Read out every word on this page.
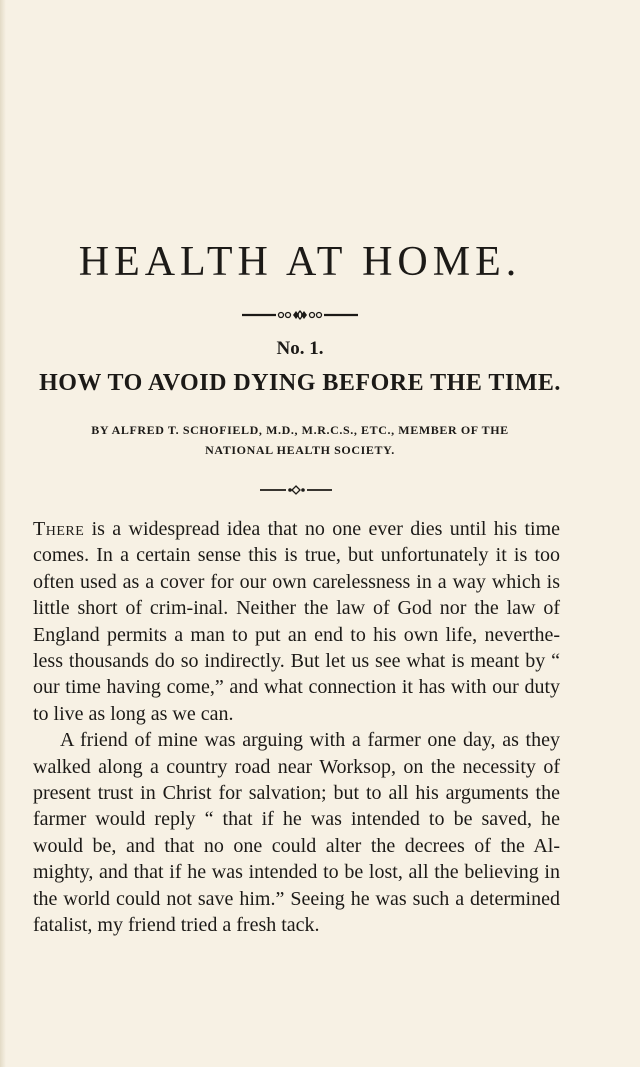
HEALTH AT HOME.
No. 1.
HOW TO AVOID DYING BEFORE THE TIME.
BY ALFRED T. SCHOFIELD, M.D., M.R.C.S., ETC., MEMBER OF THE
NATIONAL HEALTH SOCIETY.

There is a widespread idea that no one ever dies until his time comes. In a certain sense this is true, but unfortunately it is too often used as a cover for our own carelessness in a way which is little short of crim-inal. Neither the law of God nor the law of England permits a man to put an end to his own life, neverthe-less thousands do so indirectly. But let us see what is meant by “ our time having come,” and what connection it has with our duty to live as long as we can.

A friend of mine was arguing with a farmer one day, as they walked along a country road near Worksop, on the necessity of present trust in Christ for salvation; but to all his arguments the farmer would reply “ that if he was intended to be saved, he would be, and that no one could alter the decrees of the Al-mighty, and that if he was intended to be lost, all the believing in the world could not save him.” Seeing he was such a determined fatalist, my friend tried a fresh tack.
